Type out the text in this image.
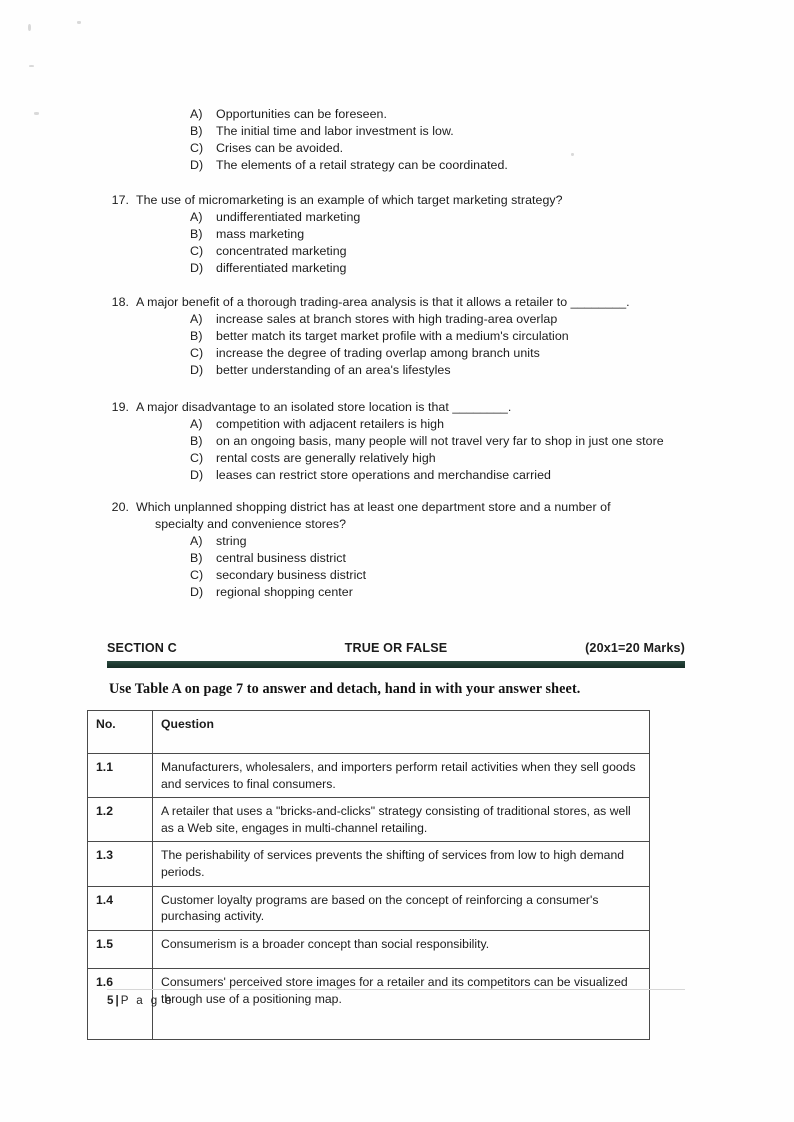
A)	Opportunities can be foreseen.
B)	The initial time and labor investment is low.
C)	Crises can be avoided.
D)	The elements of a retail strategy can be coordinated.
17. The use of micromarketing is an example of which target marketing strategy?
A)	undifferentiated marketing
B)	mass marketing
C)	concentrated marketing
D)	differentiated marketing
18. A major benefit of a thorough trading-area analysis is that it allows a retailer to ________.
A)	increase sales at branch stores with high trading-area overlap
B)	better match its target market profile with a medium's circulation
C)	increase the degree of trading overlap among branch units
D)	better understanding of an area's lifestyles
19. A major disadvantage to an isolated store location is that ________.
A)	competition with adjacent retailers is high
B)	on an ongoing basis, many people will not travel very far to shop in just one store
C)	rental costs are generally relatively high
D)	leases can restrict store operations and merchandise carried
20. Which unplanned shopping district has at least one department store and a number of
specialty and convenience stores?
A)	string
B)	central business district
C)	secondary business district
D)	regional shopping center
SECTION C	TRUE OR FALSE	(20x1=20 Marks)
Use Table A on page 7 to answer and detach, hand in with your answer sheet.
No.	Question
1.1	Manufacturers, wholesalers, and importers perform retail activities when they sell goods and services to final consumers.
1.2	A retailer that uses a "bricks-and-clicks" strategy consisting of traditional stores, as well as a Web site, engages in multi-channel retailing.
1.3	The perishability of services prevents the shifting of services from low to high demand periods.
1.4	Customer loyalty programs are based on the concept of reinforcing a consumer's purchasing activity.
1.5	Consumerism is a broader concept than social responsibility.
1.6	Consumers' perceived store images for a retailer and its competitors can be visualized through use of a positioning map.
5 | P a g e
